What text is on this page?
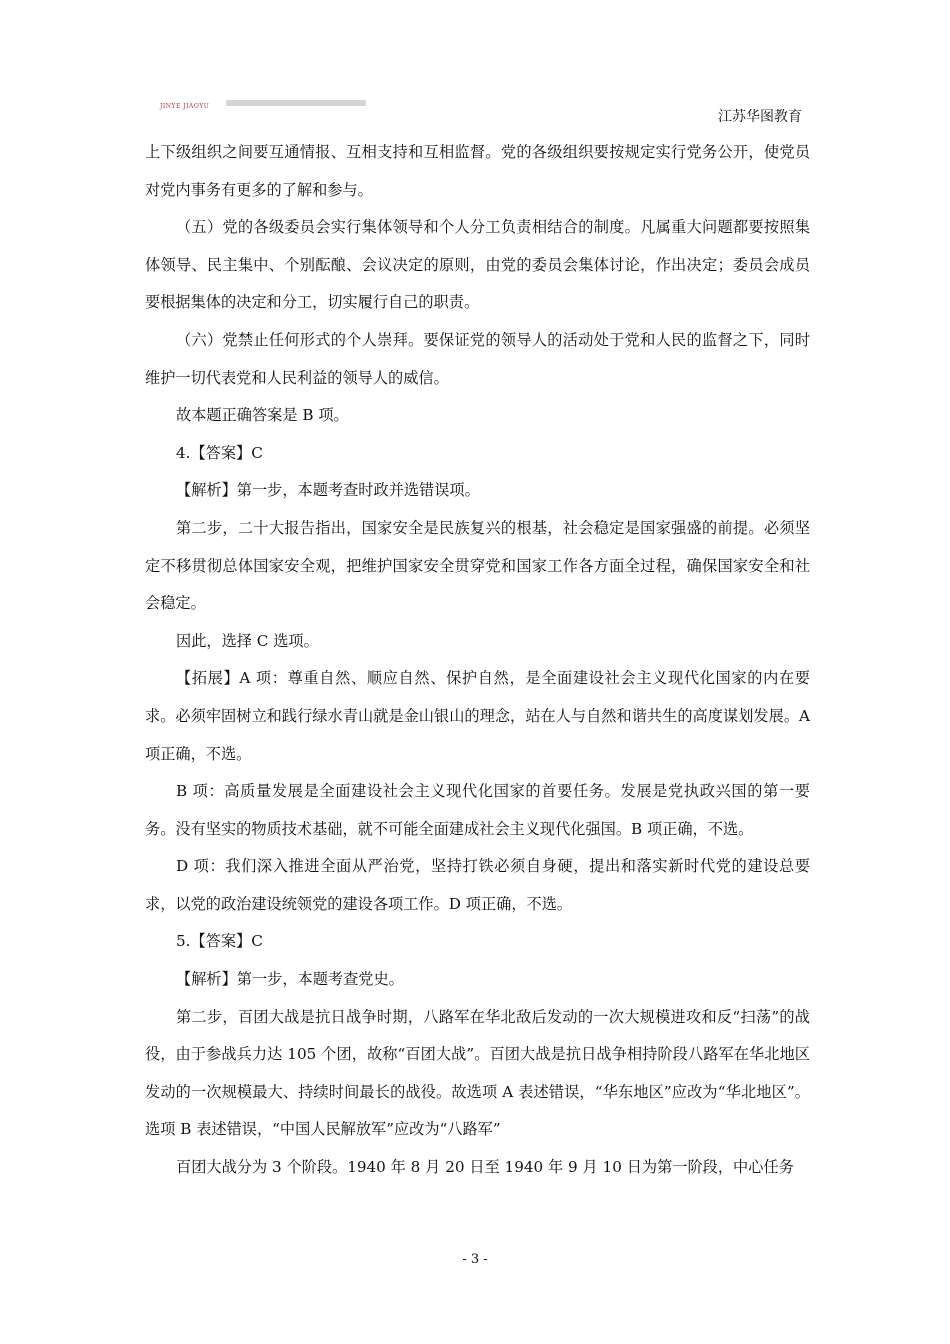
JINYE JIAOYU
江苏华图教育

上下级组织之间要互通情报、互相支持和互相监督。党的各级组织要按规定实行党务公开，使党员对党内事务有更多的了解和参与。

（五）党的各级委员会实行集体领导和个人分工负责相结合的制度。凡属重大问题都要按照集体领导、民主集中、个别酝酿、会议决定的原则，由党的委员会集体讨论，作出决定；委员会成员要根据集体的决定和分工，切实履行自己的职责。

（六）党禁止任何形式的个人崇拜。要保证党的领导人的活动处于党和人民的监督之下，同时维护一切代表党和人民利益的领导人的威信。

故本题正确答案是 B 项。

4.【答案】C

【解析】第一步，本题考查时政并选错误项。

第二步，二十大报告指出，国家安全是民族复兴的根基，社会稳定是国家强盛的前提。必须坚定不移贯彻总体国家安全观，把维护国家安全贯穿党和国家工作各方面全过程，确保国家安全和社会稳定。

因此，选择 C 选项。

【拓展】A 项：尊重自然、顺应自然、保护自然，是全面建设社会主义现代化国家的内在要求。必须牢固树立和践行绿水青山就是金山银山的理念，站在人与自然和谐共生的高度谋划发展。A 项正确，不选。

B 项：高质量发展是全面建设社会主义现代化国家的首要任务。发展是党执政兴国的第一要务。没有坚实的物质技术基础，就不可能全面建成社会主义现代化强国。B 项正确，不选。

D 项：我们深入推进全面从严治党，坚持打铁必须自身硬，提出和落实新时代党的建设总要求，以党的政治建设统领党的建设各项工作。D 项正确，不选。

5.【答案】C

【解析】第一步，本题考查党史。

第二步，百团大战是抗日战争时期，八路军在华北敌后发动的一次大规模进攻和反“扫荡”的战役，由于参战兵力达 105 个团，故称“百团大战”。百团大战是抗日战争相持阶段八路军在华北地区发动的一次规模最大、持续时间最长的战役。故选项 A 表述错误，“华东地区”应改为“华北地区”。选项 B 表述错误，“中国人民解放军”应改为“八路军”

百团大战分为 3 个阶段。1940 年 8 月 20 日至 1940 年 9 月 10 日为第一阶段，中心任务

- 3 -
